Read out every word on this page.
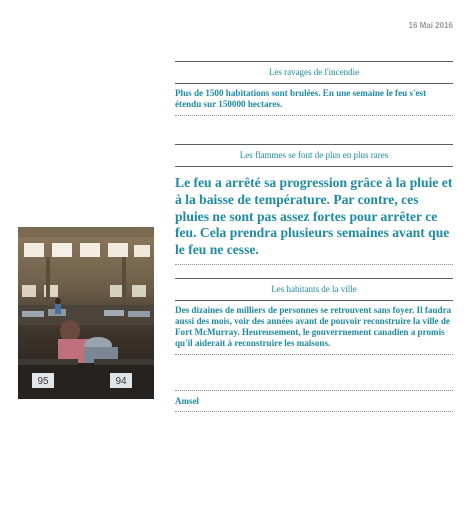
16 Mai 2016
Les ravages de l'incendie
Plus de 1500 habitations sont brulées. En une semaine le feu s'est étendu sur 150000 hectares.
Les flammes se font de plus en plus rares
Le feu a arrêté sa progression grâce à la pluie et à la baisse de température. Par contre, ces pluies ne sont pas assez fortes pour arrêter ce feu. Cela prendra plusieurs semaines avant que le feu ne cesse.
Les habitants de la ville
Des dizaines de milliers de personnes se retrouvent sans foyer. Il faudra aussi des mois, voir des années avant de pouvoir reconstruire la ville de Fort McMurray. Heureusement, le gouverrnement canadien a promis qu'il aiderait à reconstruire les maisons.
Amsel
95	94
